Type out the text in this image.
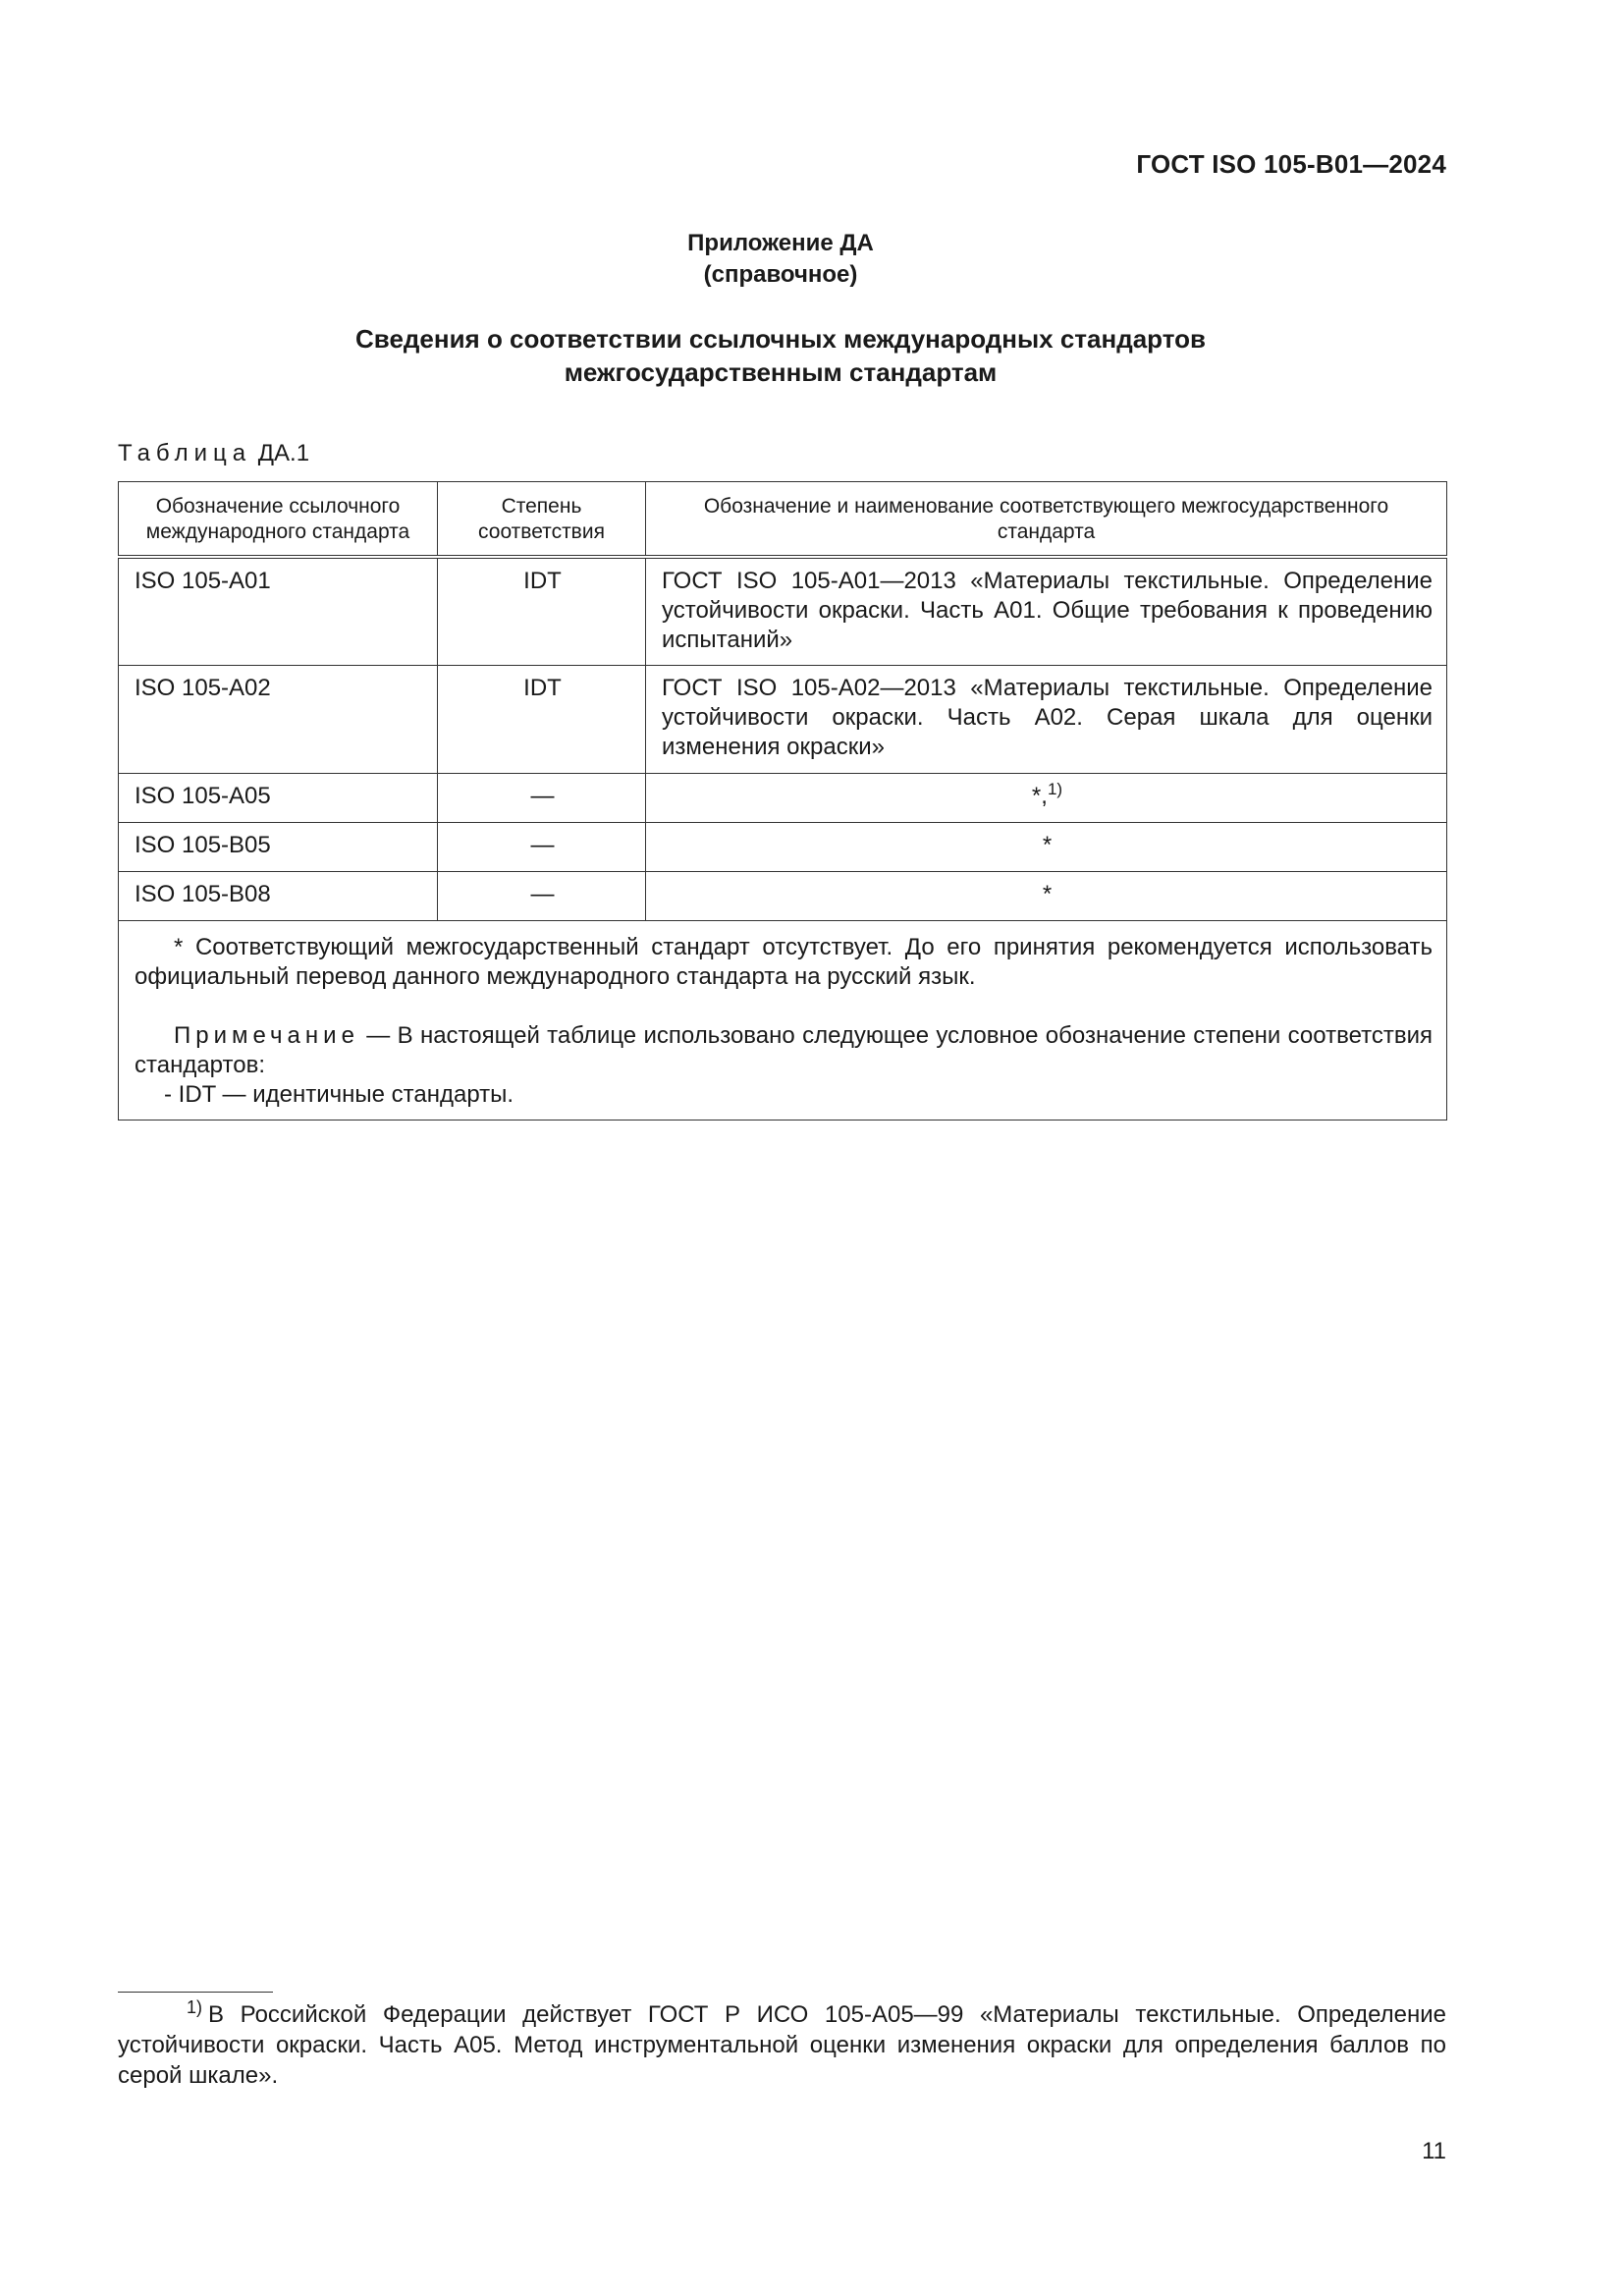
ГОСТ ISO 105-B01—2024
Приложение ДА
(справочное)
Сведения о соответствии ссылочных международных стандартов
межгосударственным стандартам
Таблица ДА.1
Обозначение ссылочного международного стандарта	Степень соответствия	Обозначение и наименование соответствующего межгосударственного стандарта
ISO 105-A01	IDT	ГОСТ ISO 105-A01—2013 «Материалы текстильные. Определение устойчивости окраски. Часть А01. Общие требования к проведению испытаний»
ISO 105-A02	IDT	ГОСТ ISO 105-A02—2013 «Материалы текстильные. Определение устойчивости окраски. Часть А02. Серая шкала для оценки изменения окраски»
ISO 105-A05	—	*,$^{1)}$
ISO 105-B05	—	*
ISO 105-B08	—	*

* Соответствующий межгосударственный стандарт отсутствует. До его принятия рекомендуется использовать официальный перевод данного международного стандарта на русский язык.

Примечание — В настоящей таблице использовано следующее условное обозначение степени соответствия стандартов:

- IDT — идентичные стандарты.		

$^{1)}$ В Российской Федерации действует ГОСТ Р ИСО 105-А05—99 «Материалы текстильные. Определение устойчивости окраски. Часть А05. Метод инструментальной оценки изменения окраски для определения баллов по серой шкале».
11
